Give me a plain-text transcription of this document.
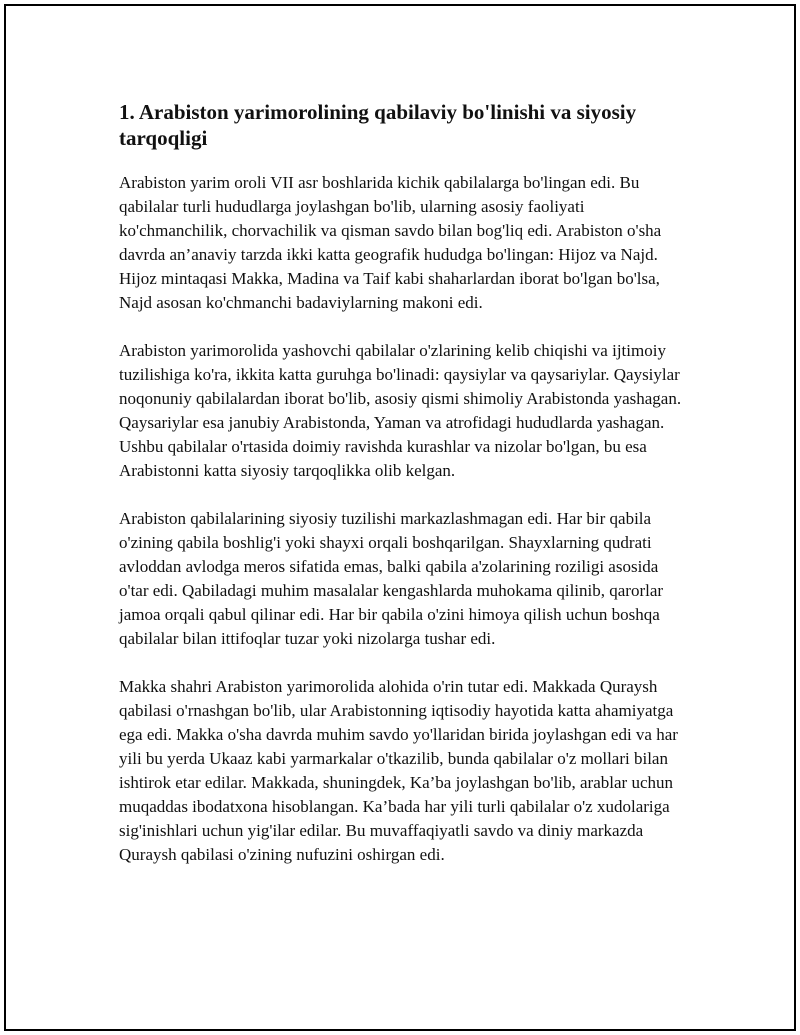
1. Arabiston yarimorolining qabilaviy bo'linishi va siyosiy tarqoqligi

Arabiston yarim oroli VII asr boshlarida kichik qabilalarga bo'lingan edi. Bu qabilalar turli hududlarga joylashgan bo'lib, ularning asosiy faoliyati ko'chmanchilik, chorvachilik va qisman savdo bilan bog'liq edi. Arabiston o'sha davrda an’anaviy tarzda ikki katta geografik hududga bo'lingan: Hijoz va Najd. Hijoz mintaqasi Makka, Madina va Taif kabi shaharlardan iborat bo'lgan bo'lsa, Najd asosan ko'chmanchi badaviylarning makoni edi.

Arabiston yarimorolida yashovchi qabilalar o'zlarining kelib chiqishi va ijtimoiy tuzilishiga ko'ra, ikkita katta guruhga bo'linadi: qaysiylar va qaysariylar. Qaysiylar noqonuniy qabilalardan iborat bo'lib, asosiy qismi shimoliy Arabistonda yashagan. Qaysariylar esa janubiy Arabistonda, Yaman va atrofidagi hududlarda yashagan. Ushbu qabilalar o'rtasida doimiy ravishda kurashlar va nizolar bo'lgan, bu esa Arabistonni katta siyosiy tarqoqlikka olib kelgan.

Arabiston qabilalarining siyosiy tuzilishi markazlashmagan edi. Har bir qabila o'zining qabila boshlig'i yoki shayxi orqali boshqarilgan. Shayxlarning qudrati avloddan avlodga meros sifatida emas, balki qabila a'zolarining roziligi asosida o'tar edi. Qabiladagi muhim masalalar kengashlarda muhokama qilinib, qarorlar jamoa orqali qabul qilinar edi. Har bir qabila o'zini himoya qilish uchun boshqa qabilalar bilan ittifoqlar tuzar yoki nizolarga tushar edi.

Makka shahri Arabiston yarimorolida alohida o'rin tutar edi. Makkada Quraysh qabilasi o'rnashgan bo'lib, ular Arabistonning iqtisodiy hayotida katta ahamiyatga ega edi. Makka o'sha davrda muhim savdo yo'llaridan birida joylashgan edi va har yili bu yerda Ukaaz kabi yarmarkalar o'tkazilib, bunda qabilalar o'z mollari bilan ishtirok etar edilar. Makkada, shuningdek, Ka’ba joylashgan bo'lib, arablar uchun muqaddas ibodatxona hisoblangan. Ka’bada har yili turli qabilalar o'z xudolariga sig'inishlari uchun yig'ilar edilar. Bu muvaffaqiyatli savdo va diniy markazda Quraysh qabilasi o'zining nufuzini oshirgan edi.
